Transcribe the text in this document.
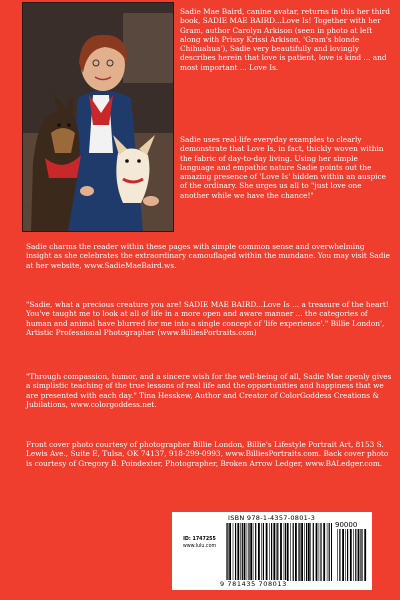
Sadie Mae Baird, canine avatar, returns in this her third book, SADIE MAE BAIRD...Love Is! Together with her Gram, author Carolyn Arkison (seen in photo at left along with Prissy Krissi Arkison, 'Gram's blonde Chihuahua'), Sadie very beautifully and lovingly describes herein that love is patient, love is kind ... and most important ... Love Is.

Sadie uses real-life everyday examples to clearly demonstrate that Love Is, in fact, thickly woven within the fabric of day-to-day living. Using her simple language and empathic nature Sadie points out the amazing presence of 'Love Is' hidden within an auspice of the ordinary. She urges us all to "just love one another while we have the chance!"

Sadie charms the reader within these pages with simple common sense and overwhelming insight as she celebrates the extraordinary camouflaged within the mundane. You may visit Sadie at her website, www.SadieMaeBaird.ws.

"Sadie, what a precious creature you are! SADIE MAE BAIRD...Love Is ... a treasure of the heart! You've taught me to look at all of life in a more open and aware manner ... the categories of human and animal have blurred for me into a single concept of 'life experience'." Billie London', Artistic Professional Photographer (www.BilliesPortraits.com)

"Through compassion, humor, and a sincere wish for the well-being of all, Sadie Mae openly gives a simplistic teaching of the true lessons of real life and the opportunities and happiness that we are presented with each day." Tina Hesskew, Author and Creator of ColorGoddess Creations & Jubilations, www.colorgoddess.net.

Front cover photo courtesy of photographer Billie London, Billie's Lifestyle Portrait Art, 8153 S. Lewis Ave., Suite E, Tulsa, OK 74137, 918-299-0993, www.BilliesPortraits.com. Back cover photo is courtesy of Gregory B. Poindexter, Photographer, Broken Arrow Ledger, www.BALedger.com.

ID: 1747255
www.lulu.com
ISBN 978-1-4357-0801-3
90000
9 781435 708013
